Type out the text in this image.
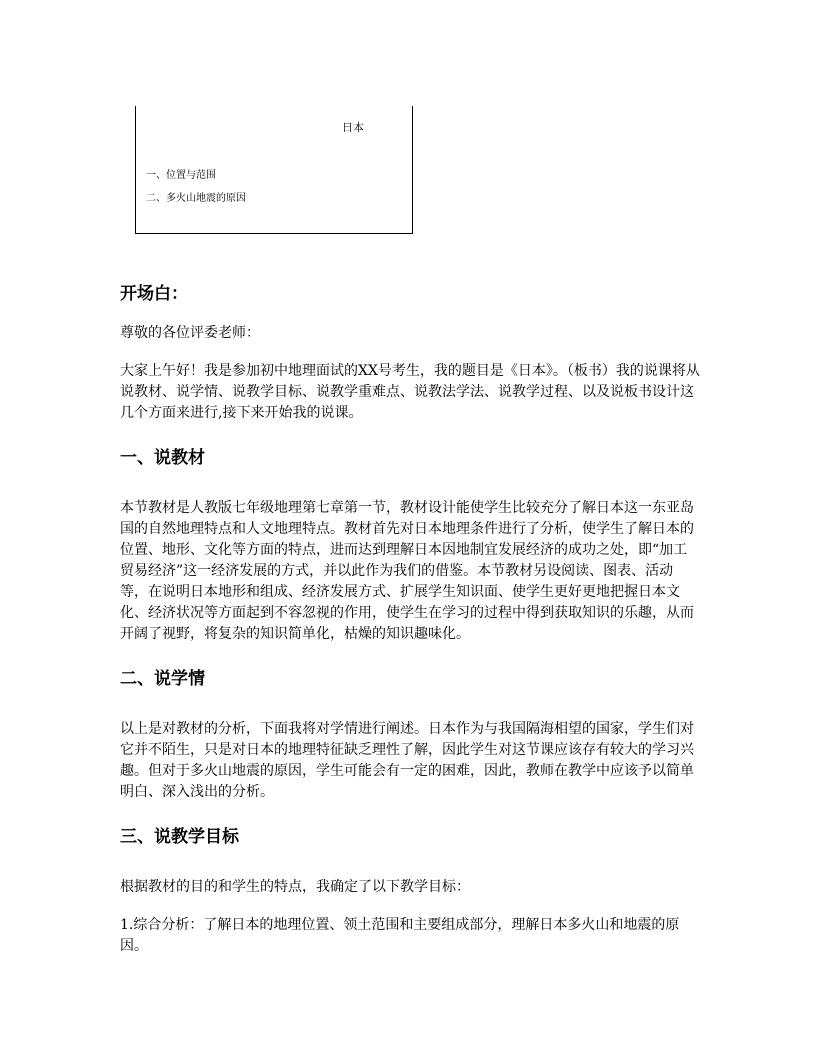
日本
一、位置与范围
二、多火山地震的原因
开场白：

尊敬的各位评委老师：

大家上午好！我是参加初中地理面试的XX号考生，我的题目是《日本》。（板书）我的说课将从说教材、说学情、说教学目标、说教学重难点、说教法学法、说教学过程、以及说板书设计这几个方面来进行,接下来开始我的说课。

一、说教材

本节教材是人教版七年级地理第七章第一节，教材设计能使学生比较充分了解日本这一东亚岛国的自然地理特点和人文地理特点。教材首先对日本地理条件进行了分析，使学生了解日本的位置、地形、文化等方面的特点，进而达到理解日本因地制宜发展经济的成功之处，即“加工贸易经济”这一经济发展的方式，并以此作为我们的借鉴。本节教材另设阅读、图表、活动等，在说明日本地形和组成、经济发展方式、扩展学生知识面、使学生更好更地把握日本文化、经济状况等方面起到不容忽视的作用，使学生在学习的过程中得到获取知识的乐趣，从而开阔了视野，将复杂的知识简单化，枯燥的知识趣味化。

二、说学情

以上是对教材的分析，下面我将对学情进行阐述。日本作为与我国隔海相望的国家，学生们对它并不陌生，只是对日本的地理特征缺乏理性了解，因此学生对这节课应该存有较大的学习兴趣。但对于多火山地震的原因，学生可能会有一定的困难，因此，教师在教学中应该予以简单明白、深入浅出的分析。

三、说教学目标

根据教材的目的和学生的特点，我确定了以下教学目标：

1.综合分析：了解日本的地理位置、领土范围和主要组成部分，理解日本多火山和地震的原因。
